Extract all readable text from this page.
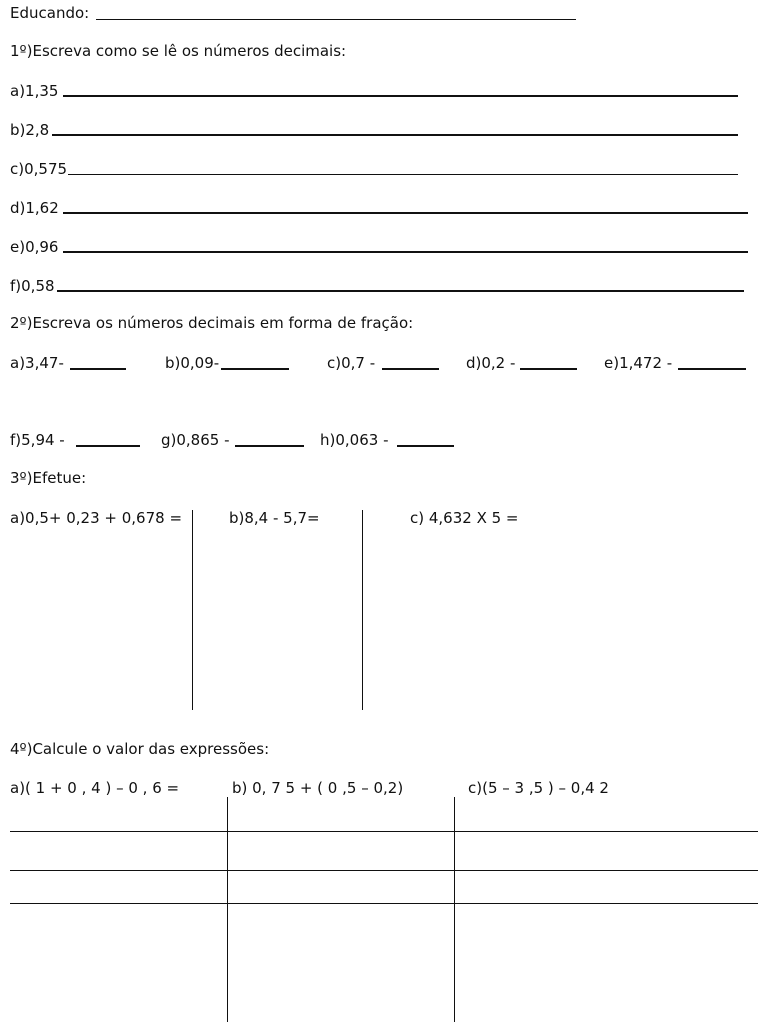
Educando:
1º)Escreva como se lê os números decimais:
a)1,35
b)2,8
c)0,575
d)1,62
e)0,96
f)0,58
2º)Escreva os números decimais em forma de fração:
a)3,47-	b)0,09-	c)0,7 -	d)0,2 -	e)1,472 -
f)5,94 -	g)0,865 -	h)0,063 -
3º)Efetue:
a)0,5+ 0,23 + 0,678 =	b)8,4 - 5,7=	c) 4,632 X 5 =
4º)Calcule o valor das expressões:
a)( 1 + 0 , 4 ) – 0 , 6 =	b) 0, 7 5 + ( 0 ,5 – 0,2)	c)(5 – 3 ,5 ) – 0,4 2
